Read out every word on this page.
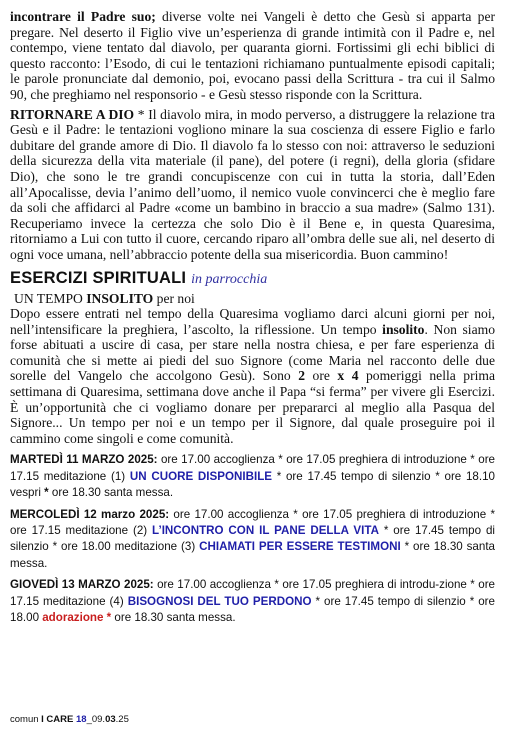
incontrare il Padre suo; diverse volte nei Vangeli è detto che Gesù si apparta per pregare. Nel deserto il Figlio vive un’esperienza di grande intimità con il Padre e, nel contempo, viene tentato dal diavolo, per quaranta giorni. Fortissimi gli echi biblici di questo racconto: l’Esodo, di cui le tentazioni richiamano puntualmente episodi capitali; le parole pronunciate dal demonio, poi, evocano passi della Scrittura - tra cui il Salmo 90, che preghiamo nel responsorio - e Gesù stesso risponde con la Scrittura.

RITORNARE A DIO * Il diavolo mira, in modo perverso, a distruggere la relazione tra Gesù e il Padre: le tentazioni vogliono minare la sua coscienza di essere Figlio e farlo dubitare del grande amore di Dio. Il diavolo fa lo stesso con noi: attraverso le seduzioni della sicurezza della vita materiale (il pane), del potere (i regni), della gloria (sfidare Dio), che sono le tre grandi concupiscenze con cui in tutta la storia, dall’Eden all’Apocalisse, devia l’animo dell’uomo, il nemico vuole convincerci che è meglio fare da soli che affidarci al Padre «come un bambino in braccio a sua madre» (Salmo 131). Recuperiamo invece la certezza che solo Dio è il Bene e, in questa Quaresima, ritorniamo a Lui con tutto il cuore, cercando riparo all’ombra delle sue ali, nel deserto di ogni voce umana, nell’abbraccio potente della sua misericordia. Buon cammino!

ESERCIZI SPIRITUALI in parrocchia
UN TEMPO INSOLITO per noi

Dopo essere entrati nel tempo della Quaresima vogliamo darci alcuni giorni per noi, nell’intensificare la preghiera, l’ascolto, la riflessione. Un tempo insolito. Non siamo forse abituati a uscire di casa, per stare nella nostra chiesa, e per fare esperienza di comunità che si mette ai piedi del suo Signore (come Maria nel racconto delle due sorelle del Vangelo che accolgono Gesù). Sono 2 ore x 4 pomeriggi nella prima settimana di Quaresima, settimana dove anche il Papa “si ferma” per vivere gli Esercizi. È un’opportunità che ci vogliamo donare per prepararci al meglio alla Pasqua del Signore... Un tempo per noi e un tempo per il Signore, dal quale proseguire poi il cammino come singoli e come comunità.

MARTEDÌ 11 MARZO 2025: ore 17.00 accoglienza * ore 17.05 preghiera di introduzione * ore 17.15 meditazione (1) UN CUORE DISPONIBILE * ore 17.45 tempo di silenzio * ore 18.10 vespri * ore 18.30 santa messa.
MERCOLEDÌ 12 marzo 2025: ore 17.00 accoglienza * ore 17.05 preghiera di introduzione * ore 17.15 meditazione (2) L’INCONTRO CON IL PANE DELLA VITA * ore 17.45 tempo di silenzio * ore 18.00 meditazione (3) CHIAMATI PER ESSERE TESTIMONI * ore 18.30 santa messa.
GIOVEDÌ 13 MARZO 2025: ore 17.00 accoglienza * ore 17.05 preghiera di introdu-zione * ore 17.15 meditazione (4) BISOGNOSI DEL TUO PERDONO * ore 17.45 tempo di silenzio * ore 18.00 adorazione * ore 18.30 santa messa.
comun I CARE 18_09.03.25
